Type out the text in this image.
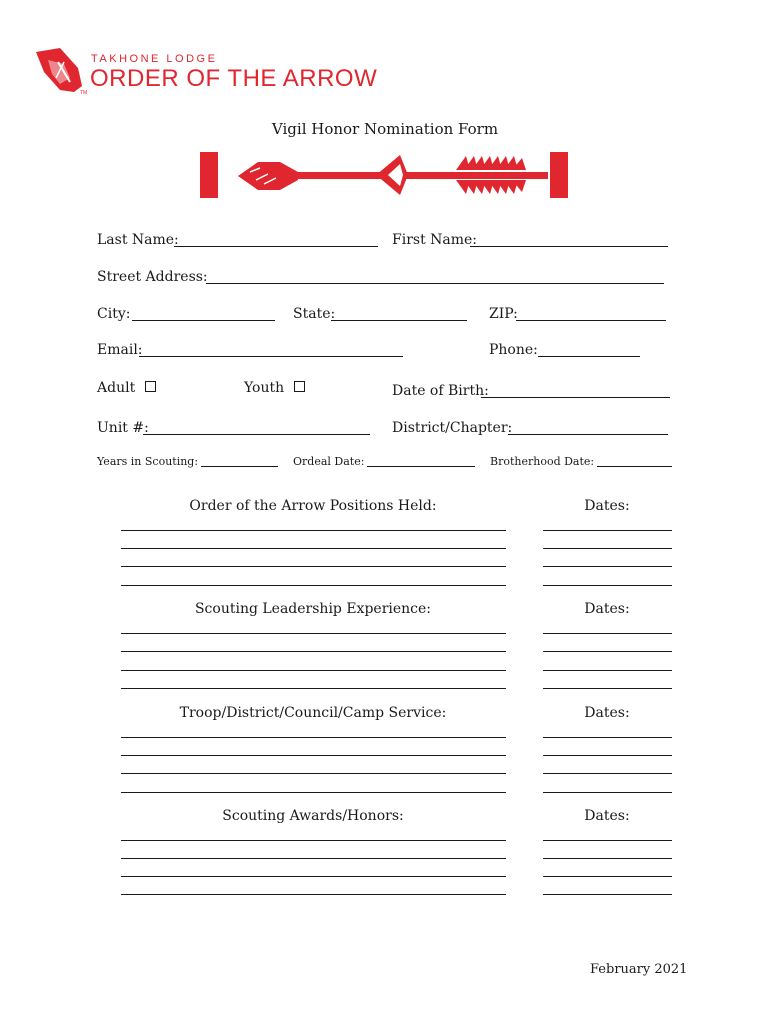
TAKHONE LODGE
ORDER OF THE ARROW
TM
Vigil Honor Nomination Form
Last Name:	First Name:
Street Address:
City:	State:	ZIP:
Email:	Phone:
Adult	Youth	Date of Birth:
Unit #:	District/Chapter:
Years in Scouting:	Ordeal Date:	Brotherhood Date:
Order of the Arrow Positions Held:	Dates:
Scouting Leadership Experience:	Dates:
Troop/District/Council/Camp Service:	Dates:
Scouting Awards/Honors:	Dates:
February 2021
